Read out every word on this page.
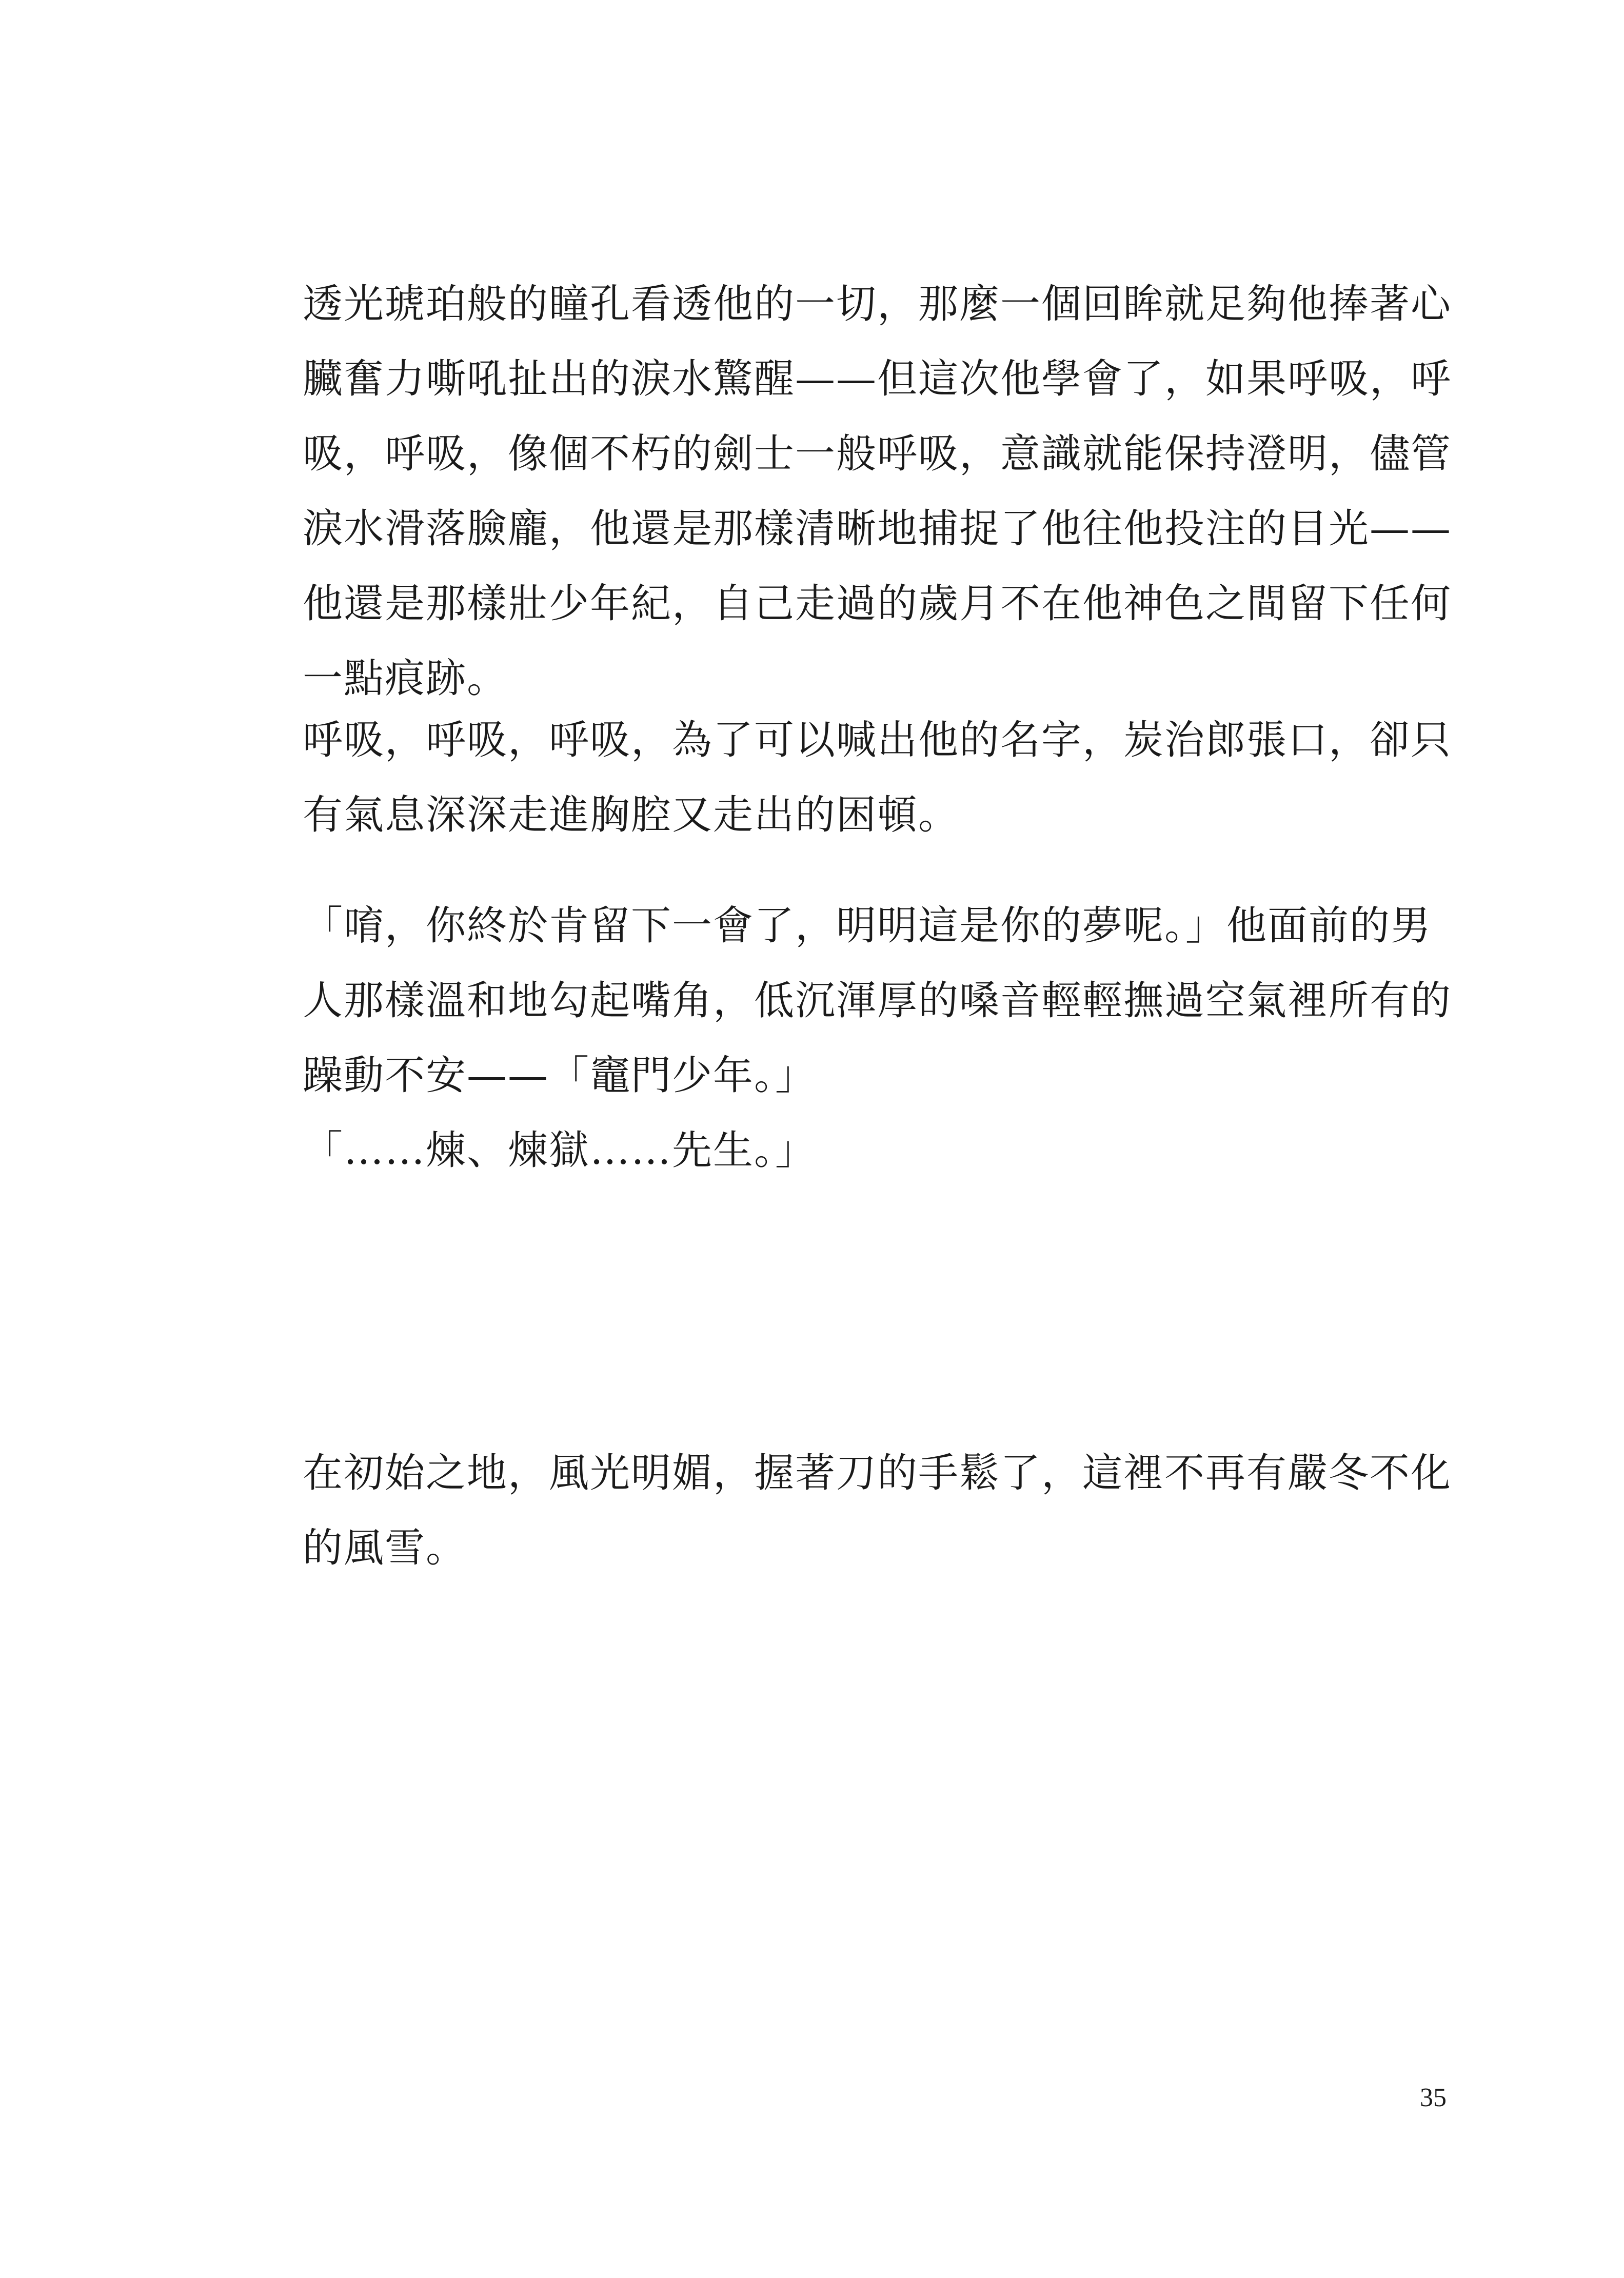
透光琥珀般的瞳孔看透他的一切，那麼一個回眸就足夠他捧著心
臟奮力嘶吼扯出的淚水驚醒——但這次他學會了，如果呼吸，呼
吸，呼吸，像個不朽的劍士一般呼吸，意識就能保持澄明，儘管
淚水滑落臉龐，他還是那樣清晰地捕捉了他往他投注的目光——
他還是那樣壯少年紀，自己走過的歲月不在他神色之間留下任何
一點痕跡。
呼吸，呼吸，呼吸，為了可以喊出他的名字，炭治郎張口，卻只
有氣息深深走進胸腔又走出的困頓。
「唷，你終於肯留下一會了，明明這是你的夢呢。」他面前的男
人那樣溫和地勾起嘴角，低沉渾厚的嗓音輕輕撫過空氣裡所有的
躁動不安——「竈門少年。」
「……煉、煉獄……先生。」
在初始之地，風光明媚，握著刀的手鬆了，這裡不再有嚴冬不化
的風雪。
35
